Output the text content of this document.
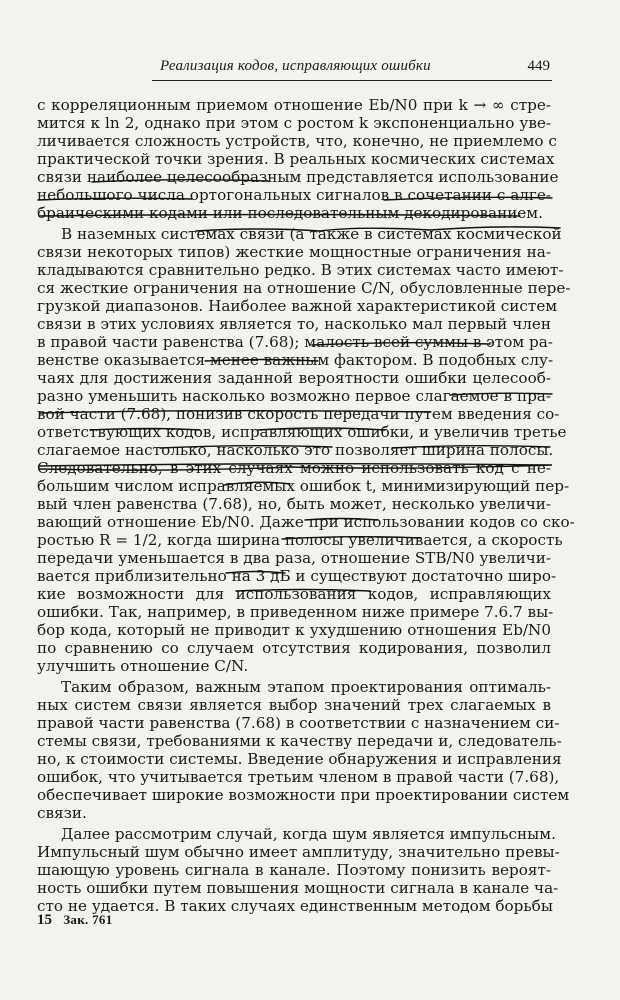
Реализация кодов, исправляющих ошибки	449
с корреляционным приемом отношение Eb/N0 при k → ∞ стре-
мится к ln 2, однако при этом с ростом k экспоненциально уве-
личивается сложность устройств, что, конечно, не приемлемо с
практической точки зрения. В реальных космических системах
связи наиболее целесообразным представляется использование
небольшого числа ортогональных сигналов в сочетании с алге-
браическими кодами или последовательным декодированием.
В наземных системах связи (а также в системах космической
связи некоторых типов) жесткие мощностные ограничения на-
кладываются сравнительно редко. В этих системах часто имеют-
ся жесткие ограничения на отношение C/N, обусловленные пере-
грузкой диапазонов. Наиболее важной характеристикой систем
связи в этих условиях является то, насколько мал первый член
в правой части равенства (7.68); малость всей суммы в этом ра-
венстве оказывается менее важным фактором. В подобных слу-
чаях для достижения заданной вероятности ошибки целесооб-
разно уменьшить насколько возможно первое слагаемое в пра-
вой части (7.68), понизив скорость передачи путем введения со-
ответствующих кодов, исправляющих ошибки, и увеличив третье
слагаемое настолько, насколько это позволяет ширина полосы.
Следовательно, в этих случаях можно использовать код с не-
большим числом исправляемых ошибок t, минимизирующий пер-
вый член равенства (7.68), но, быть может, несколько увеличи-
вающий отношение Eb/N0. Даже при использовании кодов со ско-
ростью R = 1/2, когда ширина полосы увеличивается, а скорость
передачи уменьшается в два раза, отношение STB/N0 увеличи-
вается приблизительно на 3 дБ и существуют достаточно широ-
кие возможности для использования кодов, исправляющих
ошибки. Так, например, в приведенном ниже примере 7.6.7 вы-
бор кода, который не приводит к ухудшению отношения Eb/N0
по сравнению со случаем отсутствия кодирования, позволил
улучшить отношение C/N.
Таким образом, важным этапом проектирования оптималь-
ных систем связи является выбор значений трех слагаемых в
правой части равенства (7.68) в соответствии с назначением си-
стемы связи, требованиями к качеству передачи и, следователь-
но, к стоимости системы. Введение обнаружения и исправления
ошибок, что учитывается третьим членом в правой части (7.68),
обеспечивает широкие возможности при проектировании систем
связи.
Далее рассмотрим случай, когда шум является импульсным.
Импульсный шум обычно имеет амплитуду, значительно превы-
шающую уровень сигнала в канале. Поэтому понизить вероят-
ность ошибки путем повышения мощности сигнала в канале ча-
сто не удается. В таких случаях единственным методом борьбы
15 Зак. 761
